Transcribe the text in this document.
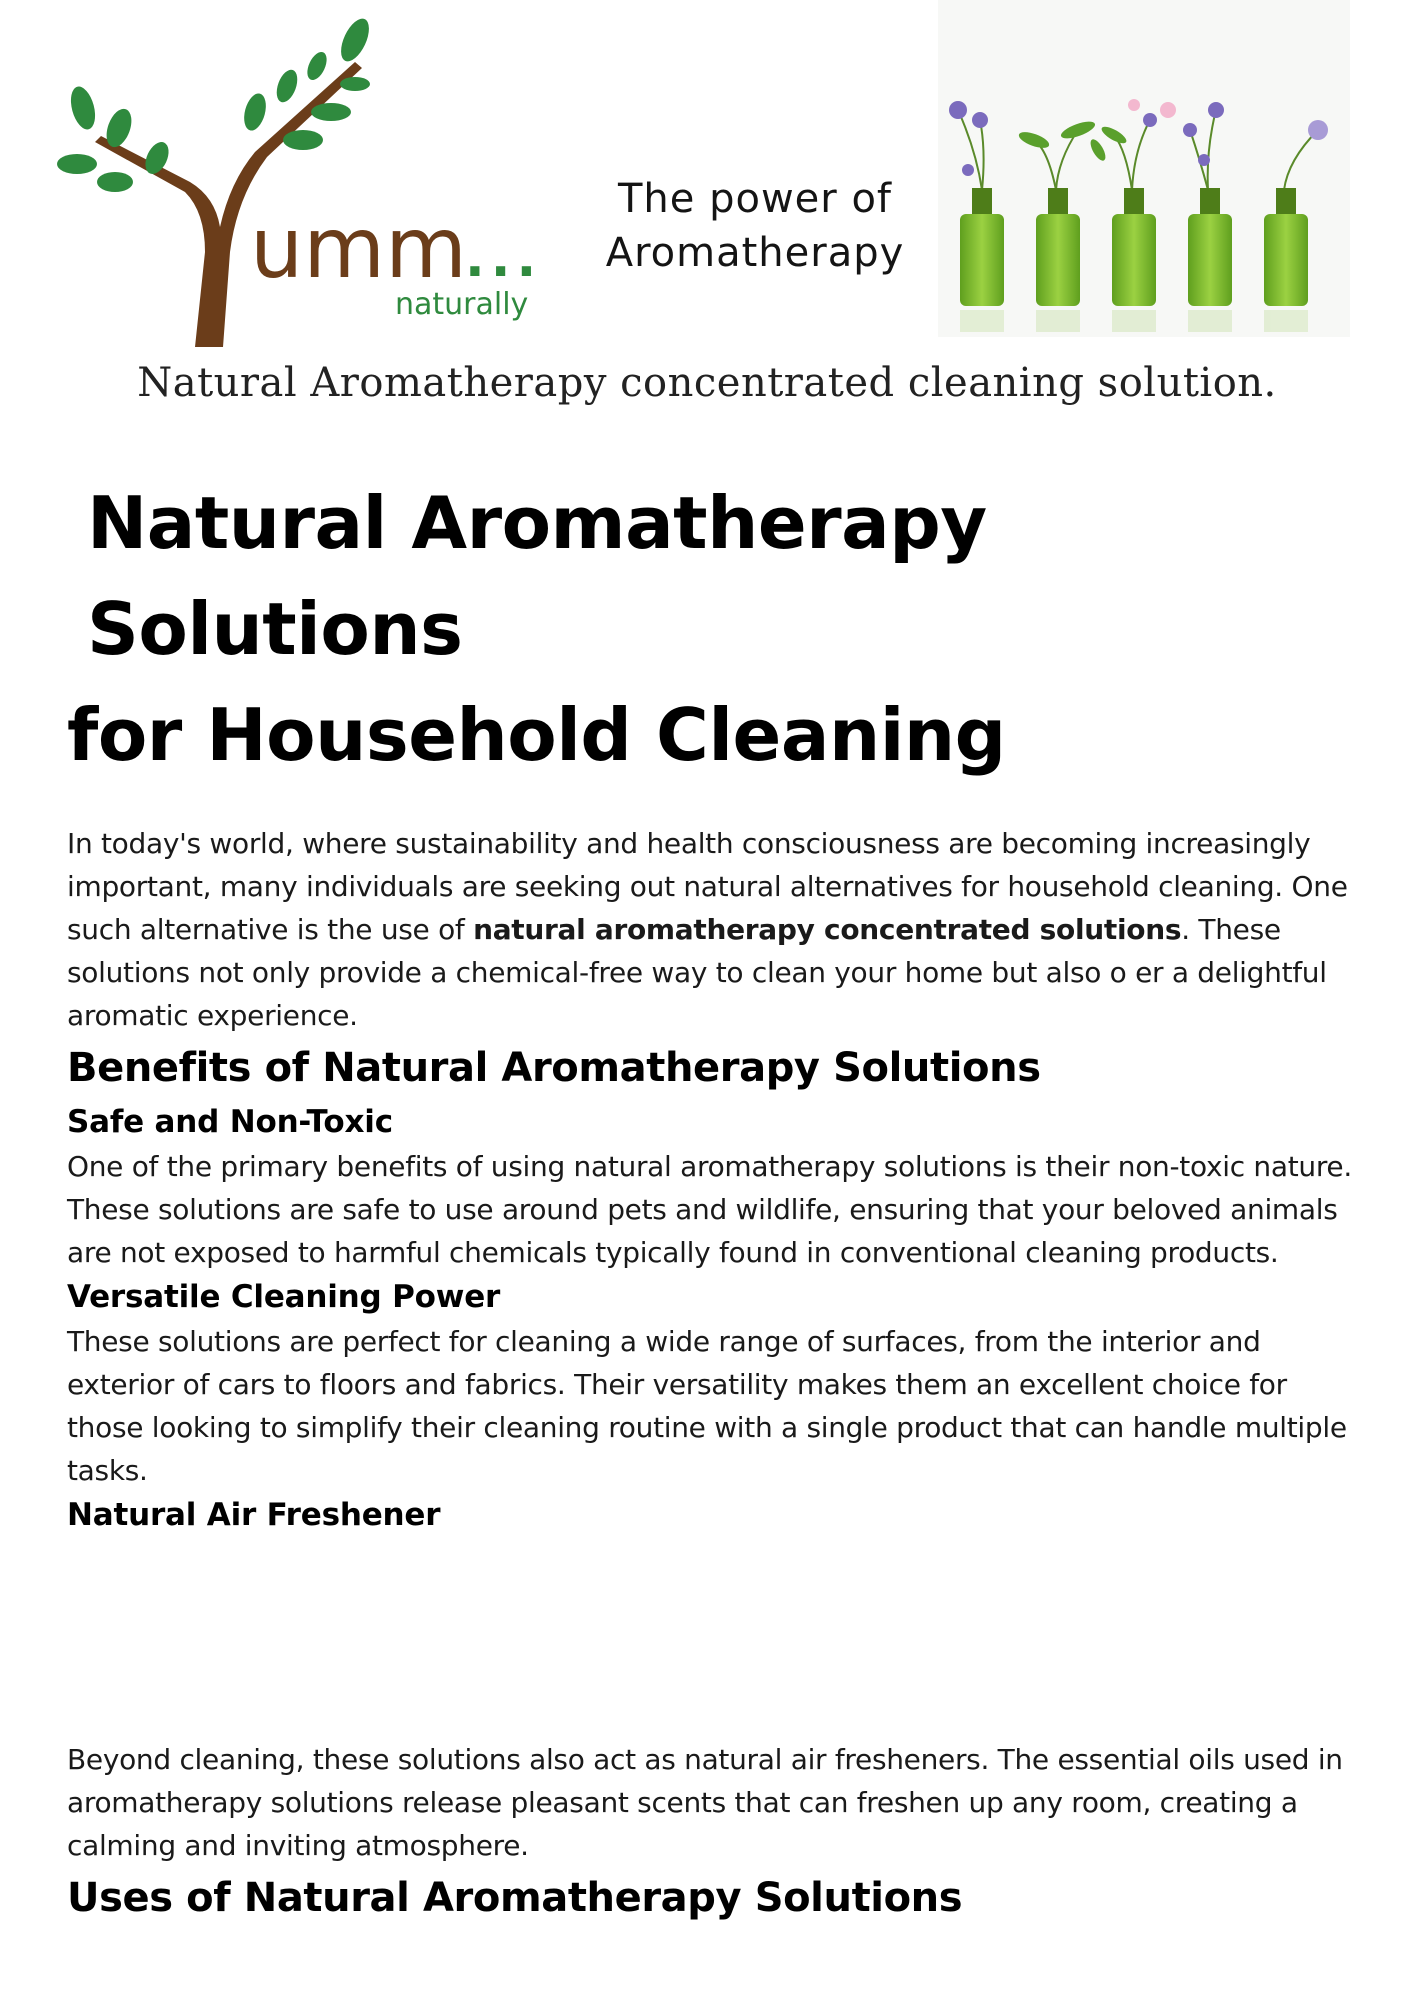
umm
...
naturally
The power of
Aromatherapy
Natural Aromatherapy concentrated cleaning solution.
Natural Aromatherapy Solutions
for Household Cleaning

In today's world, where sustainability and health consciousness are becoming increasingly important, many individuals are seeking out natural alternatives for household cleaning. One such alternative is the use of natural aromatherapy concentrated solutions. These solutions not only provide a chemical-free way to clean your home but also o er a delightful aromatic experience.

Benefits of Natural Aromatherapy Solutions
Safe and Non-Toxic

One of the primary benefits of using natural aromatherapy solutions is their non-toxic nature. These solutions are safe to use around pets and wildlife, ensuring that your beloved animals are not exposed to harmful chemicals typically found in conventional cleaning products.

Versatile Cleaning Power

These solutions are perfect for cleaning a wide range of surfaces, from the interior and exterior of cars to floors and fabrics. Their versatility makes them an excellent choice for those looking to simplify their cleaning routine with a single product that can handle multiple tasks.

Natural Air Freshener

Beyond cleaning, these solutions also act as natural air fresheners. The essential oils used in aromatherapy solutions release pleasant scents that can freshen up any room, creating a calming and inviting atmosphere.

Uses of Natural Aromatherapy Solutions
